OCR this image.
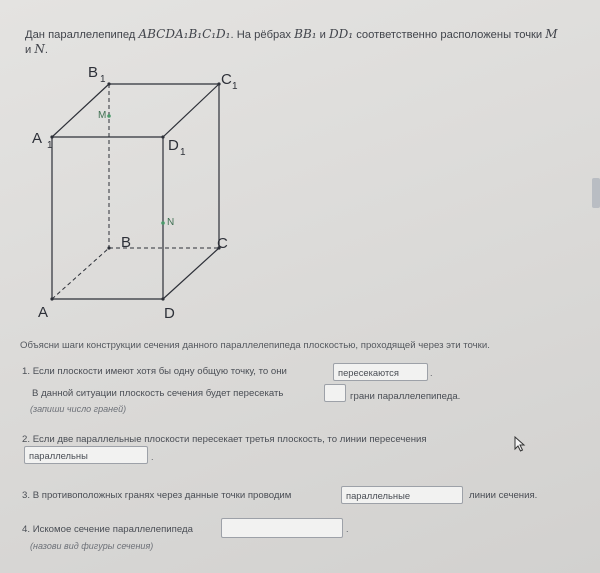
Дан параллелепипед ABCDA₁B₁C₁D₁. На рёбрах BB₁ и DD₁ соответственно расположены точки M
и N.
M
N
A
B	C
D
A
B	C
D
1
1
1
1
Объясни шаги конструкции сечения данного параллелепипеда плоскостью, проходящей через эти точки.
1. Если плоскости имеют хотя бы одну общую точку, то они	пересекаются	.
В данной ситуации плоскость сечения будет пересекать	грани параллелепипеда.
(запиши число граней)
2. Если две параллельные плоскости пересекает третья плоскость, то линии пересечения
параллельны	.
3. В противоположных гранях через данные точки проводим	параллельные	линии сечения.
4. Искомое сечение параллелепипеда	.
(назови вид фигуры сечения)
